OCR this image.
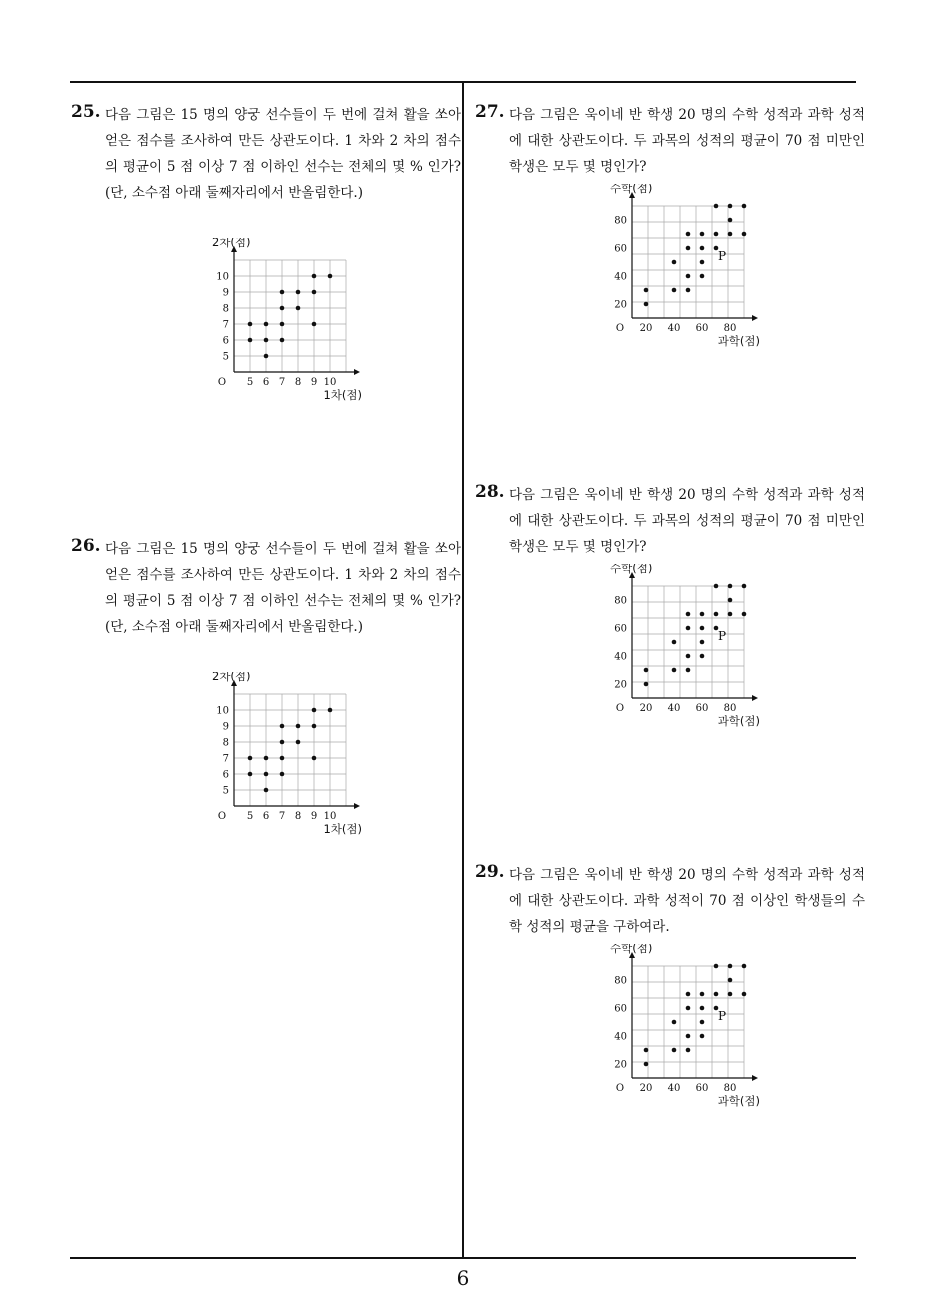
25. 다음 그림은 15 명의 양궁 선수들이 두 번에 걸쳐 활을 쏘아 얻은 점수를 조사하여 만든 상관도이다. 1 차와 2 차의 점수의 평균이 5 점 이상 7 점 이하인 선수는 전체의 몇 % 인가? (단, 소수점 아래 둘째자리에서 반올림한다.)

5 6 7 8 9 10
5
6
7
8
9
10
O
2차(점)
1차(점)
26. 다음 그림은 15 명의 양궁 선수들이 두 번에 걸쳐 활을 쏘아 얻은 점수를 조사하여 만든 상관도이다. 1 차와 2 차의 점수의 평균이 5 점 이상 7 점 이하인 선수는 전체의 몇 % 인가? (단, 소수점 아래 둘째자리에서 반올림한다.)

5 6 7 8 9 10
5
6
7
8
9
10
O
2차(점)
1차(점)
27. 다음 그림은 욱이네 반 학생 20 명의 수학 성적과 과학 성적에 대한 상관도이다. 두 과목의 성적의 평균이 70 점 미만인 학생은 모두 몇 명인가?

20 40 60 80
20
40
60
80
O
수학(점)
과학(점)
P
28. 다음 그림은 욱이네 반 학생 20 명의 수학 성적과 과학 성적에 대한 상관도이다. 두 과목의 성적의 평균이 70 점 미만인 학생은 모두 몇 명인가?

20 40 60 80
20
40
60
80
O
수학(점)
과학(점)
P
29. 다음 그림은 욱이네 반 학생 20 명의 수학 성적과 과학 성적에 대한 상관도이다. 과학 성적이 70 점 이상인 학생들의 수학 성적의 평균을 구하여라.

20 40 60 80
20
40
60
80
O
수학(점)
과학(점)
P
6
